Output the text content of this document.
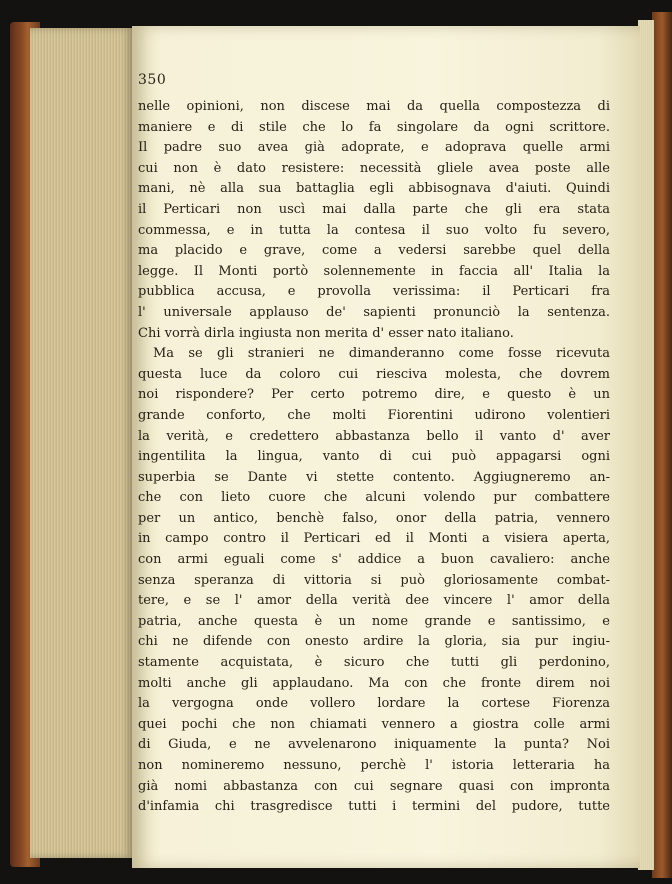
350
nelle opinioni, non discese mai da quella compostezza di
maniere e di stile che lo fa singolare da ogni scrittore.
Il padre suo avea già adoprate, e adoprava quelle armi
cui non è dato resistere: necessità gliele avea poste alle
mani, nè alla sua battaglia egli abbisognava d'aiuti. Quindi
il Perticari non uscì mai dalla parte che gli era stata
commessa, e in tutta la contesa il suo volto fu severo,
ma placido e grave, come a vedersi sarebbe quel della
legge. Il Monti portò solennemente in faccia all' Italia la
pubblica accusa, e provolla verissima: il Perticari fra
l' universale applauso de' sapienti pronunciò la sentenza.
Chi vorrà dirla ingiusta non merita d' esser nato italiano.
Ma se gli stranieri ne dimanderanno come fosse ricevuta
questa luce da coloro cui riesciva molesta, che dovrem
noi rispondere? Per certo potremo dire, e questo è un
grande conforto, che molti Fiorentini udirono volentieri
la verità, e credettero abbastanza bello il vanto d' aver
ingentilita la lingua, vanto di cui può appagarsi ogni
superbia se Dante vi stette contento. Aggiugneremo an-
che con lieto cuore che alcuni volendo pur combattere
per un antico, benchè falso, onor della patria, vennero
in campo contro il Perticari ed il Monti a visiera aperta,
con armi eguali come s' addice a buon cavaliero: anche
senza speranza di vittoria si può gloriosamente combat-
tere, e se l' amor della verità dee vincere l' amor della
patria, anche questa è un nome grande e santissimo, e
chi ne difende con onesto ardire la gloria, sia pur ingiu-
stamente acquistata, è sicuro che tutti gli perdonino,
molti anche gli applaudano. Ma con che fronte direm noi
la vergogna onde vollero lordare la cortese Fiorenza
quei pochi che non chiamati vennero a giostra colle armi
di Giuda, e ne avvelenarono iniquamente la punta? Noi
non nomineremo nessuno, perchè l' istoria letteraria ha
già nomi abbastanza con cui segnare quasi con impronta
d'infamia chi trasgredisce tutti i termini del pudore, tutte
